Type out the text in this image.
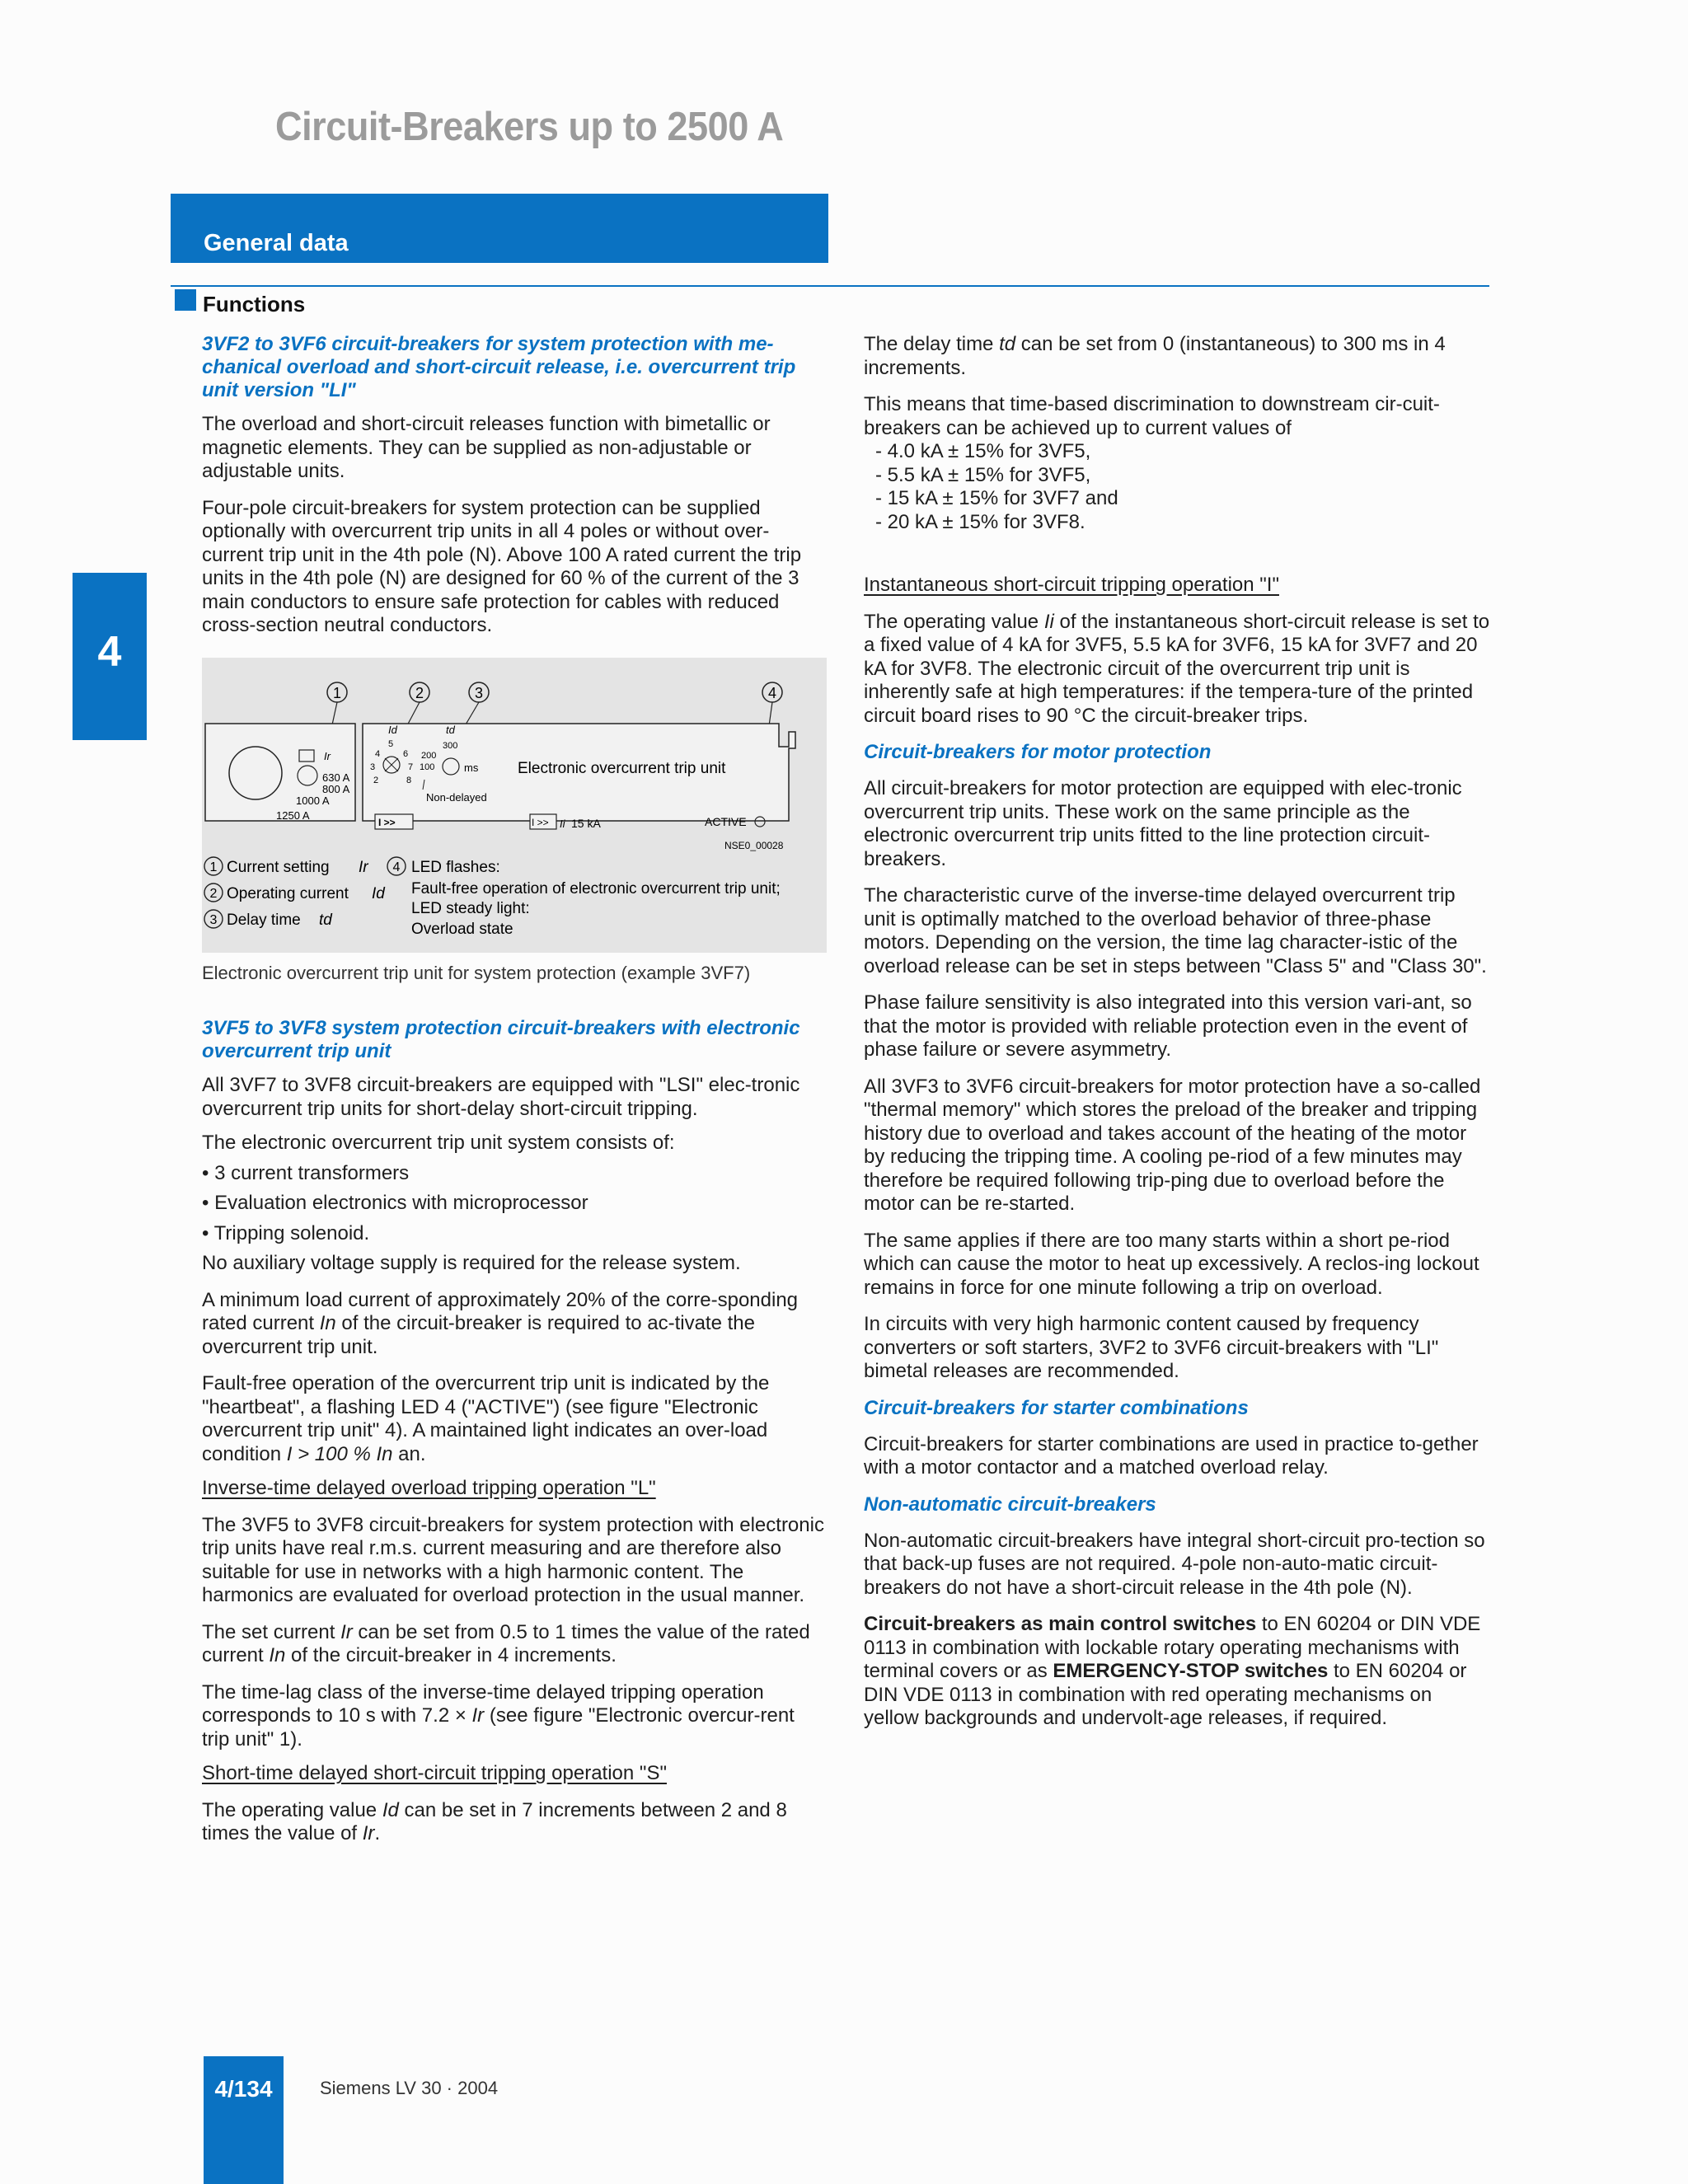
Circuit-Breakers up to 2500 A
General data
Functions
4

3VF2 to 3VF6 circuit-breakers for system protection with me-chanical overload and short-circuit release, i.e. overcurrent trip unit version "LI"

The overload and short-circuit releases function with bimetallic or magnetic elements. They can be supplied as non-adjustable or adjustable units.

Four-pole circuit-breakers for system protection can be supplied optionally with overcurrent trip units in all 4 poles or without over-current trip unit in the 4th pole (N). Above 100 A rated current the trip units in the 4th pole (N) are designed for 60 % of the current of the 3 main conductors to ensure safe protection for cables with reduced cross-section neutral conductors.

1	2	3	4
Ir
630 A
800 A
1000 A
1250 A
Id
5
4	6
3	7
2	8
td
200
300
100	ms
Non-delayed
Electronic overcurrent trip unit
I >>	I >> Ii 15 kA	ACTIVE
NSE0_00028
1
2
3
4
Current setting Ir
Operating current Id
Delay time td
LED flashes:
Fault-free operation of electronic overcurrent trip unit;
LED steady light:
Overload state
Electronic overcurrent trip unit for system protection (example 3VF7)

3VF5 to 3VF8 system protection circuit-breakers with electronic overcurrent trip unit

All 3VF7 to 3VF8 circuit-breakers are equipped with "LSI" elec-tronic overcurrent trip units for short-delay short-circuit tripping.

The electronic overcurrent trip unit system consists of:

• 3 current transformers

• Evaluation electronics with microprocessor

• Tripping solenoid.

No auxiliary voltage supply is required for the release system.

A minimum load current of approximately 20% of the corre-sponding rated current In of the circuit-breaker is required to ac-tivate the overcurrent trip unit.

Fault-free operation of the overcurrent trip unit is indicated by the "heartbeat", a flashing LED 4 ("ACTIVE") (see figure "Electronic overcurrent trip unit" 4). A maintained light indicates an over-load condition I > 100 % In an.

Inverse-time delayed overload tripping operation "L"

The 3VF5 to 3VF8 circuit-breakers for system protection with electronic trip units have real r.m.s. current measuring and are therefore also suitable for use in networks with a high harmonic content. The harmonics are evaluated for overload protection in the usual manner.

The set current Ir can be set from 0.5 to 1 times the value of the rated current In of the circuit-breaker in 4 increments.

The time-lag class of the inverse-time delayed tripping operation corresponds to 10 s with 7.2 × Ir (see figure "Electronic overcur-rent trip unit" 1).

Short-time delayed short-circuit tripping operation "S"

The operating value Id can be set in 7 increments between 2 and 8 times the value of Ir.

The delay time td can be set from 0 (instantaneous) to 300 ms in 4 increments.

This means that time-based discrimination to downstream cir-cuit-breakers can be achieved up to current values of

- 4.0 kA ± 15% for 3VF5,
- 5.5 kA ± 15% for 3VF5,
- 15 kA ± 15% for 3VF7 and
- 20 kA ± 15% for 3VF8.

Instantaneous short-circuit tripping operation "I"

The operating value Ii of the instantaneous short-circuit release is set to a fixed value of 4 kA for 3VF5, 5.5 kA for 3VF6, 15 kA for 3VF7 and 20 kA for 3VF8. The electronic circuit of the overcurrent trip unit is inherently safe at high temperatures: if the tempera-ture of the printed circuit board rises to 90 °C the circuit-breaker trips.

Circuit-breakers for motor protection

All circuit-breakers for motor protection are equipped with elec-tronic overcurrent trip units. These work on the same principle as the electronic overcurrent trip units fitted to the line protection circuit-breakers.

The characteristic curve of the inverse-time delayed overcurrent trip unit is optimally matched to the overload behavior of three-phase motors. Depending on the version, the time lag character-istic of the overload release can be set in steps between "Class 5" and "Class 30".

Phase failure sensitivity is also integrated into this version vari-ant, so that the motor is provided with reliable protection even in the event of phase failure or severe asymmetry.

All 3VF3 to 3VF6 circuit-breakers for motor protection have a so-called "thermal memory" which stores the preload of the breaker and tripping history due to overload and takes account of the heating of the motor by reducing the tripping time. A cooling pe-riod of a few minutes may therefore be required following trip-ping due to overload before the motor can be re-started.

The same applies if there are too many starts within a short pe-riod which can cause the motor to heat up excessively. A reclos-ing lockout remains in force for one minute following a trip on overload.

In circuits with very high harmonic content caused by frequency converters or soft starters, 3VF2 to 3VF6 circuit-breakers with "LI" bimetal releases are recommended.

Circuit-breakers for starter combinations

Circuit-breakers for starter combinations are used in practice to-gether with a motor contactor and a matched overload relay.

Non-automatic circuit-breakers

Non-automatic circuit-breakers have integral short-circuit pro-tection so that back-up fuses are not required. 4-pole non-auto-matic circuit-breakers do not have a short-circuit release in the 4th pole (N).

Circuit-breakers as main control switches to EN 60204 or DIN VDE 0113 in combination with lockable rotary operating mechanisms with terminal covers or as EMERGENCY-STOP switches to EN 60204 or DIN VDE 0113 in combination with red operating mechanisms on yellow backgrounds and undervolt-age releases, if required.

4/134	Siemens LV 30 · 2004
